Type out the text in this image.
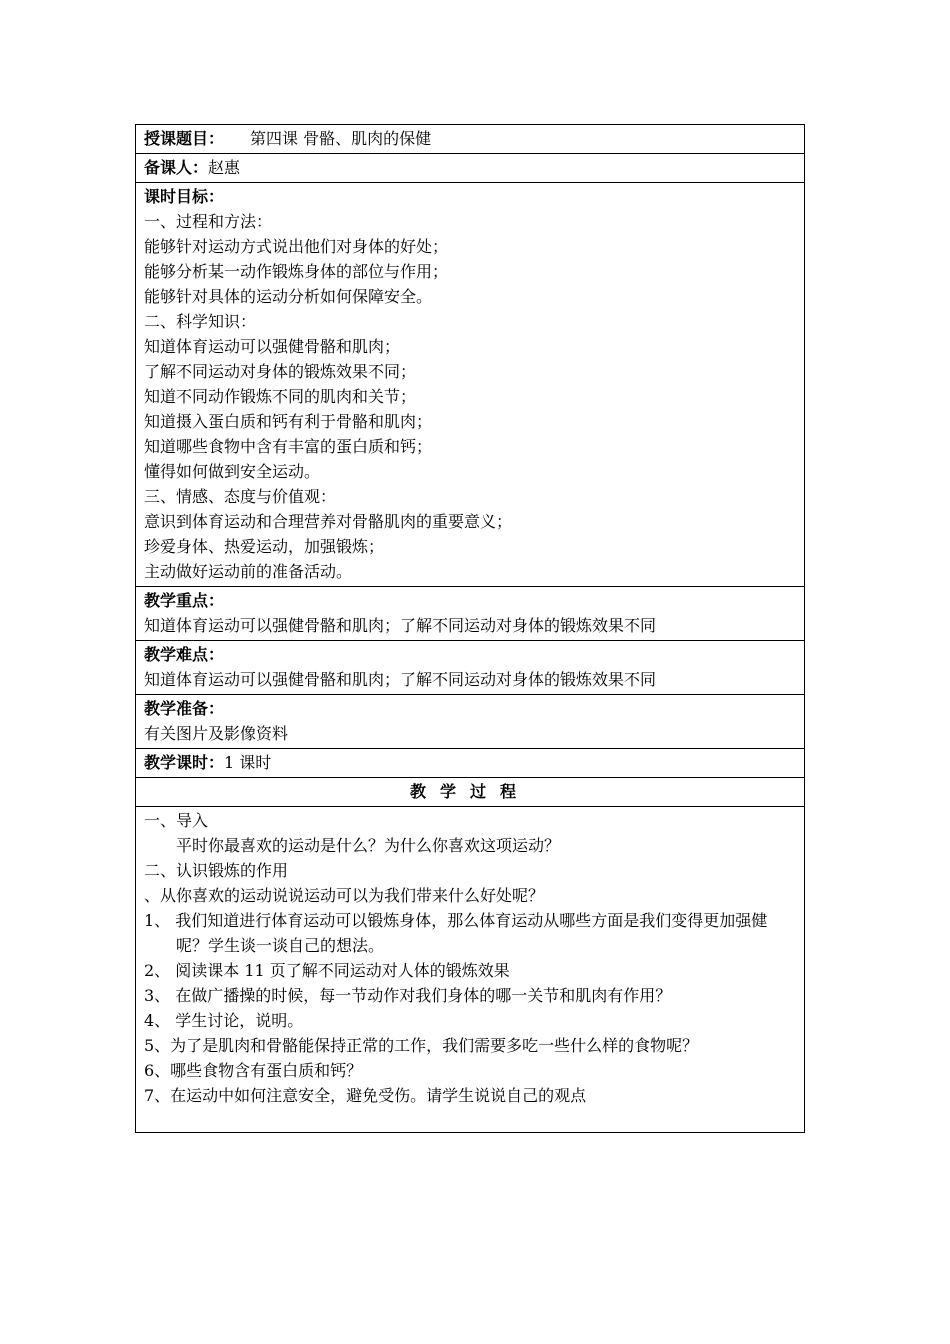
授课题目： 第四课 骨骼、肌肉的保健
备课人：赵惠

课时目标：
一、过程和方法：
能够针对运动方式说出他们对身体的好处；
能够分析某一动作锻炼身体的部位与作用；
能够针对具体的运动分析如何保障安全。
二、科学知识：
知道体育运动可以强健骨骼和肌肉；
了解不同运动对身体的锻炼效果不同；
知道不同动作锻炼不同的肌肉和关节；
知道摄入蛋白质和钙有利于骨骼和肌肉；
知道哪些食物中含有丰富的蛋白质和钙；
懂得如何做到安全运动。
三、情感、态度与价值观：
意识到体育运动和合理营养对骨骼肌肉的重要意义；
珍爱身体、热爱运动，加强锻炼；
主动做好运动前的准备活动。

教学重点：
知道体育运动可以强健骨骼和肌肉；了解不同运动对身体的锻炼效果不同

教学难点：
知道体育运动可以强健骨骼和肌肉；了解不同运动对身体的锻炼效果不同

教学准备：
有关图片及影像资料

教学课时：1 课时
教学过程

一、导入
平时你最喜欢的运动是什么？为什么你喜欢这项运动？
二、认识锻炼的作用
、从你喜欢的运动说说运动可以为我们带来什么好处呢？
1、 我们知道进行体育运动可以锻炼身体，那么体育运动从哪些方面是我们变得更加强健呢？学生谈一谈自己的想法。
2、 阅读课本 11 页了解不同运动对人体的锻炼效果
3、 在做广播操的时候，每一节动作对我们身体的哪一关节和肌肉有作用？
4、 学生讨论，说明。
5、为了是肌肉和骨骼能保持正常的工作，我们需要多吃一些什么样的食物呢？
6、哪些食物含有蛋白质和钙？
7、在运动中如何注意安全，避免受伤。请学生说说自己的观点
